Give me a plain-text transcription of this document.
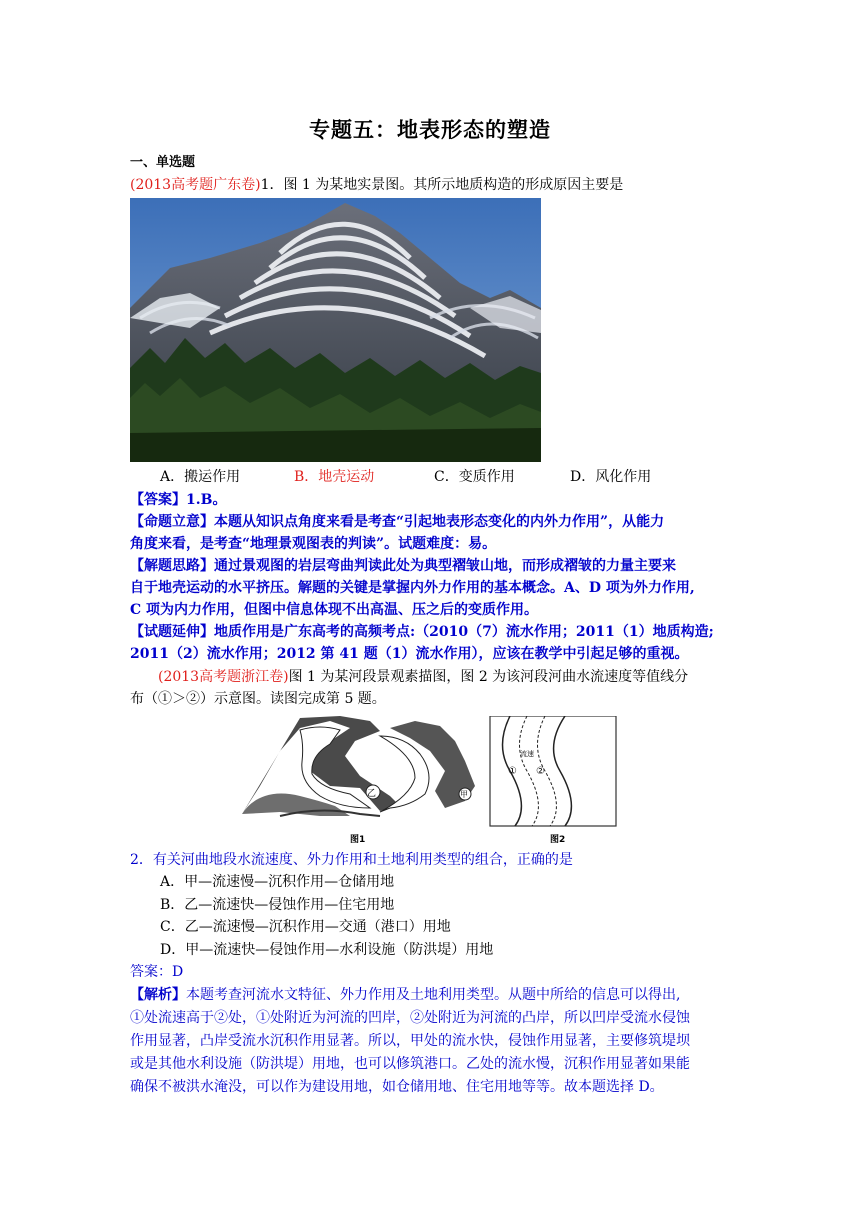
专题五：地表形态的塑造
一、单选题
(2013高考题广东卷)1．图 1 为某地实景图。其所示地质构造的形成原因主要是
A．搬运作用	B．地壳运动	C．变质作用	D．风化作用
【答案】1.B。
【命题立意】本题从知识点角度来看是考查“引起地表形态变化的内外力作用”，从能力
角度来看，是考查“地理景观图表的判读”。试题难度：易。
【解题思路】通过景观图的岩层弯曲判读此处为典型褶皱山地，而形成褶皱的力量主要来
自于地壳运动的水平挤压。解题的关键是掌握内外力作用的基本概念。A、D 项为外力作用,
C 项为内力作用，但图中信息体现不出高温、压之后的变质作用。
【试题延伸】地质作用是广东高考的高频考点:（2010（7）流水作用；2011（1）地质构造;
2011（2）流水作用；2012 第 41 题（1）流水作用），应该在教学中引起足够的重视。
(2013高考题浙江卷)图 1 为某河段景观素描图，图 2 为该河段河曲水流速度等值线分
布（①＞②）示意图。读图完成第 5 题。
乙	甲
图1
流速
① ②
图2
2．有关河曲地段水流速度、外力作用和土地利用类型的组合，正确的是
A．甲—流速慢—沉积作用—仓储用地
B．乙—流速快—侵蚀作用—住宅用地
C．乙—流速慢—沉积作用—交通（港口）用地
D．甲—流速快—侵蚀作用—水利设施（防洪堤）用地
答案：D
【解析】本题考查河流水文特征、外力作用及土地利用类型。从题中所给的信息可以得出,
①处流速高于②处，①处附近为河流的凹岸，②处附近为河流的凸岸，所以凹岸受流水侵蚀
作用显著，凸岸受流水沉积作用显著。所以，甲处的流水快，侵蚀作用显著，主要修筑堤坝
或是其他水利设施（防洪堤）用地，也可以修筑港口。乙处的流水慢，沉积作用显著如果能
确保不被洪水淹没，可以作为建设用地，如仓储用地、住宅用地等等。故本题选择 D。
